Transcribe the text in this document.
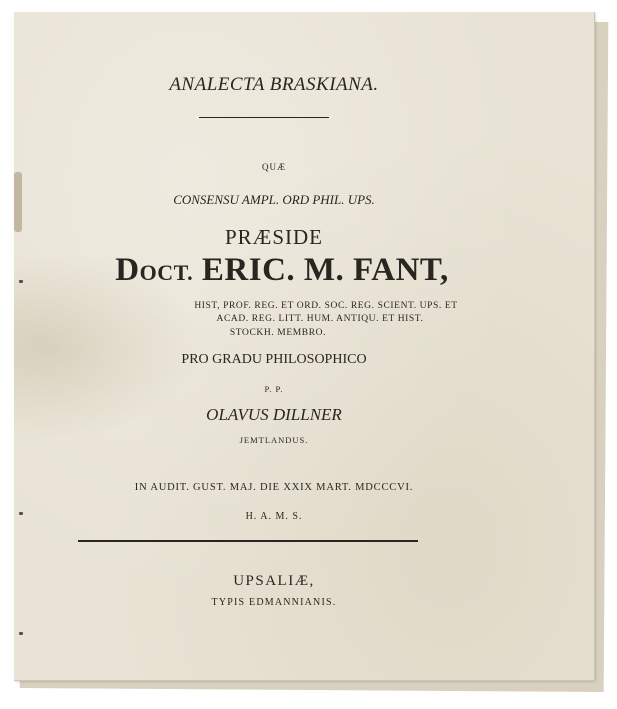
ANALECTA BRASKIANA.
QUÆ
CONSENSU AMPL. ORD PHIL. UPS.
PRÆSIDE
DOCT. ERIC. M. FANT,
HIST, PROF. REG. ET ORD. SOC. REG. SCIENT. UPS. ET
ACAD. REG. LITT. HUM. ANTIQU. ET HIST.
STOCKH. MEMBRO.
PRO GRADU PHILOSOPHICO
P. P.
OLAVUS DILLNER
JEMTLANDUS.
IN AUDIT. GUST. MAJ. DIE XXIX MART. MDCCCVI.
H. A. M. S.
UPSALIÆ,
TYPIS EDMANNIANIS.
